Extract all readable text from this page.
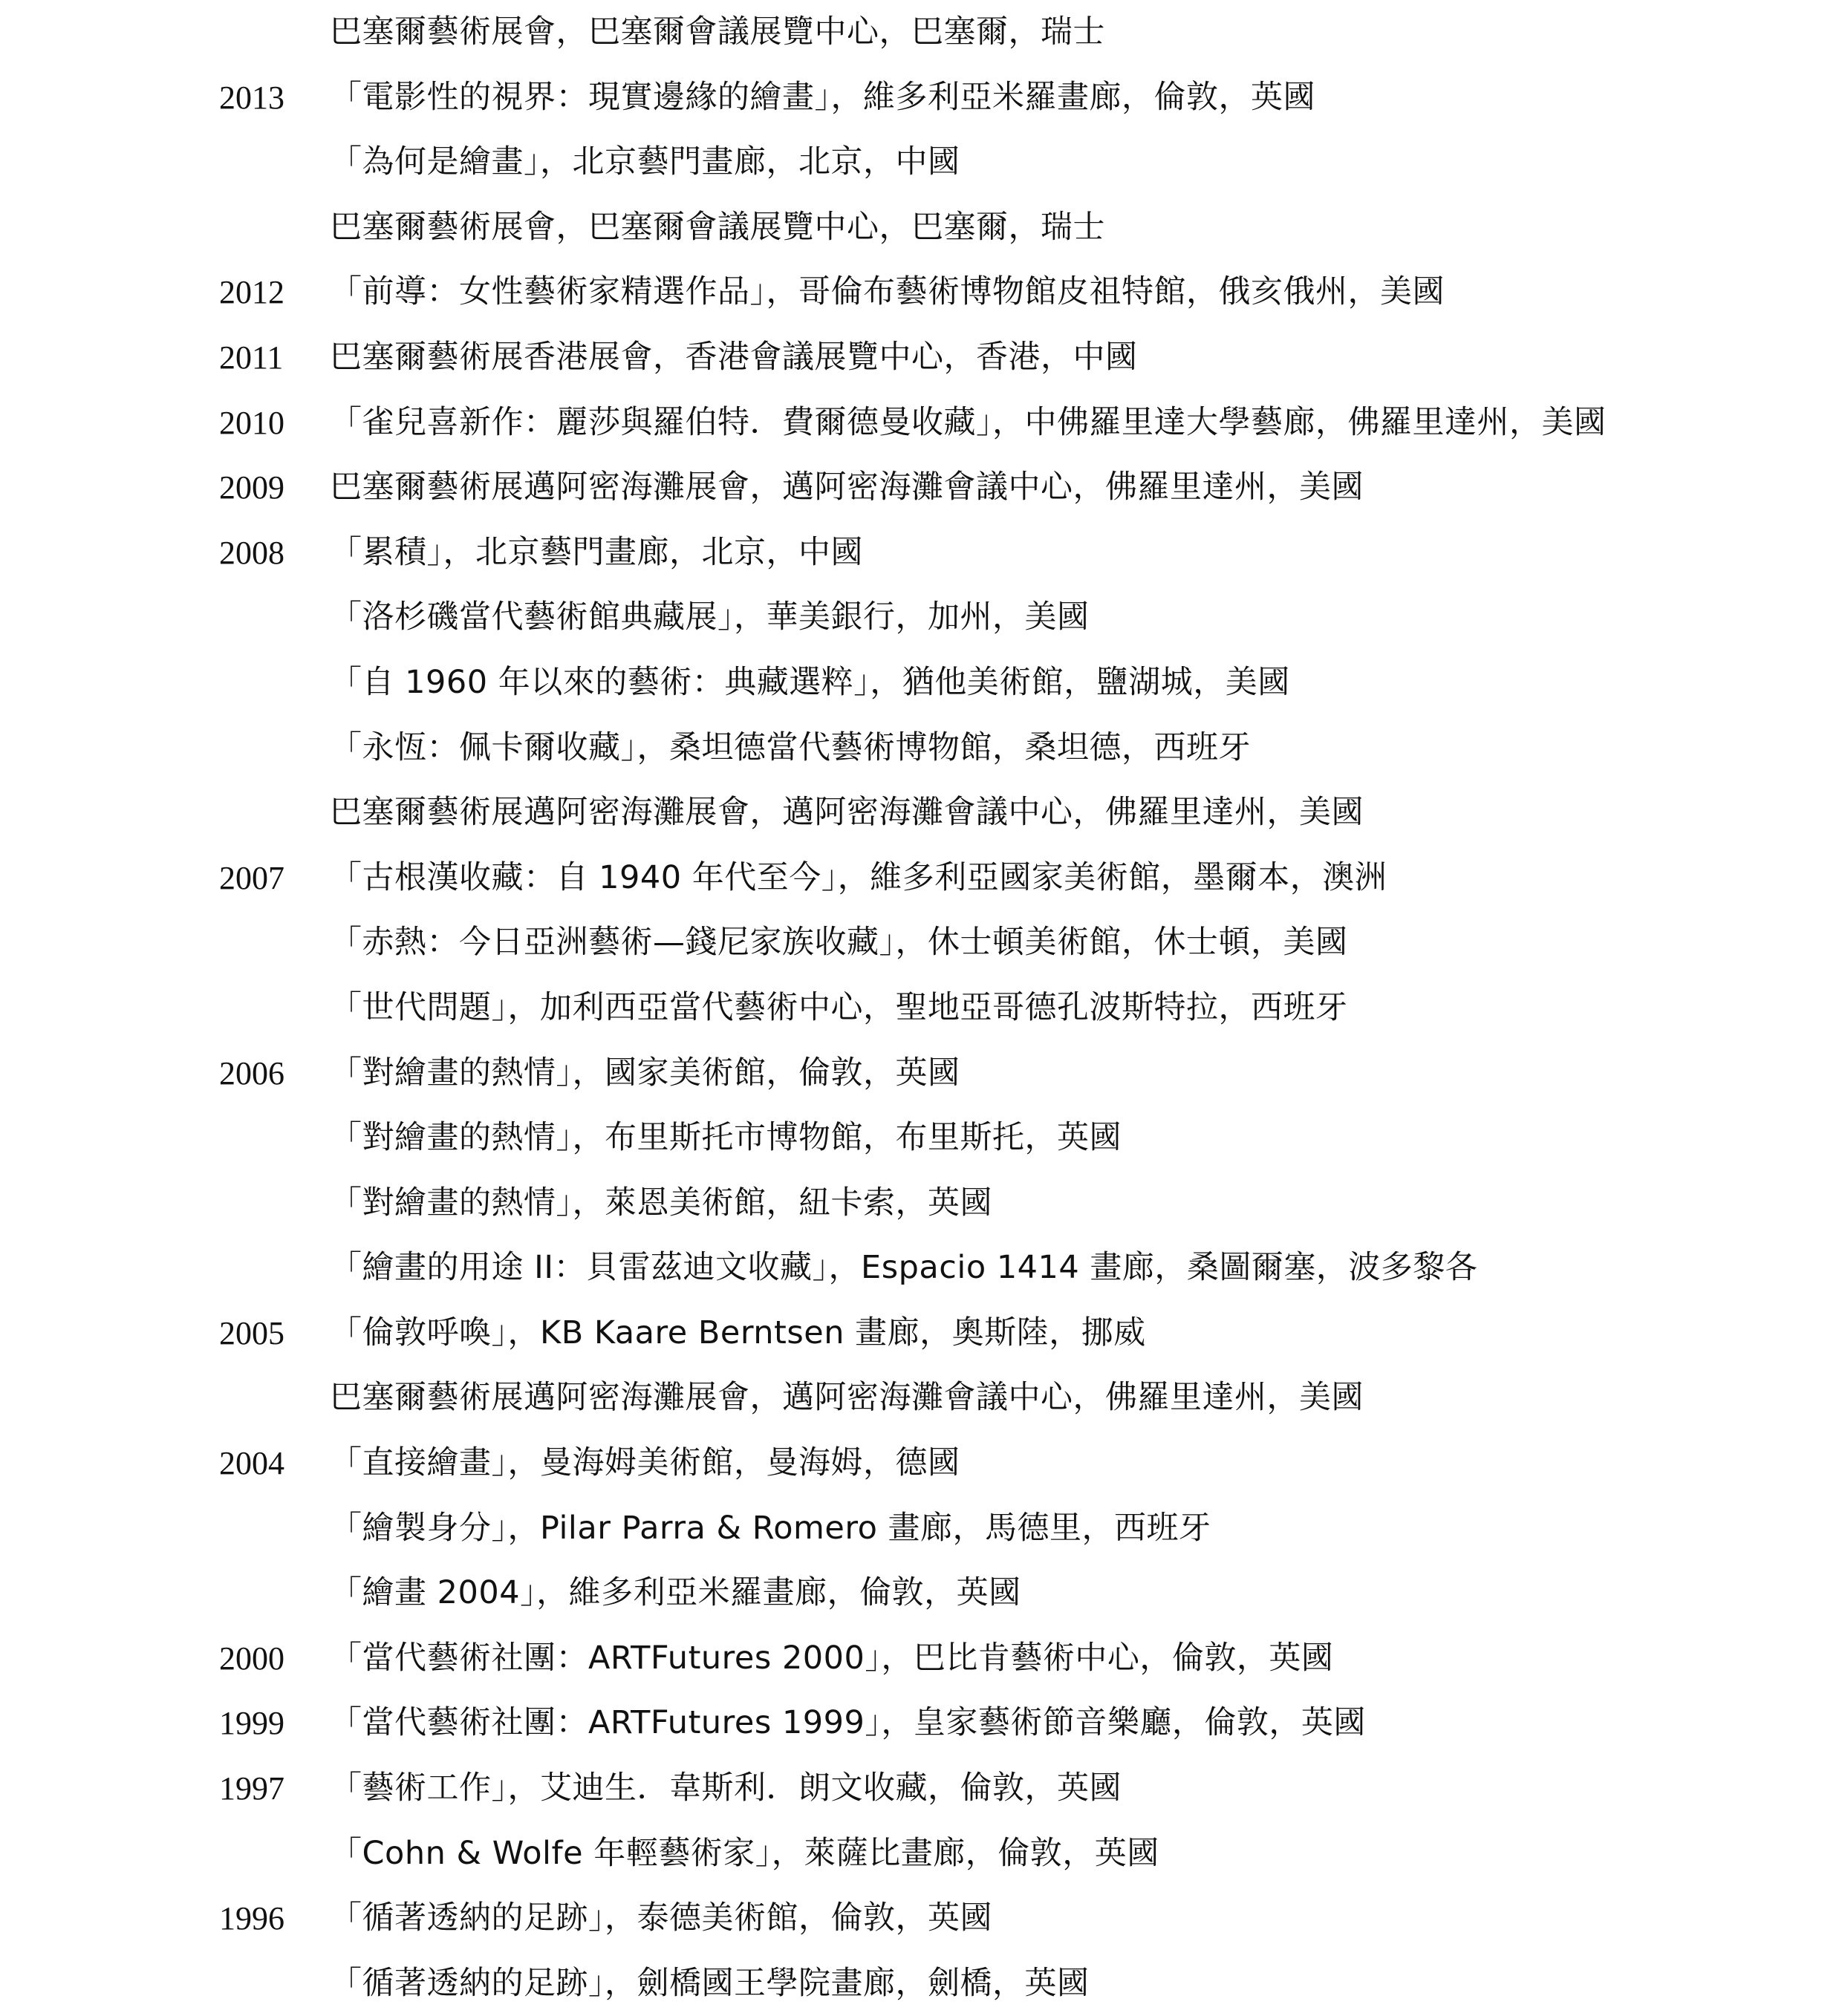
巴塞爾藝術展會，巴塞爾會議展覽中心，巴塞爾，瑞士
2013	「電影性的視界：現實邊緣的繪畫」，維多利亞米羅畫廊，倫敦，英國
「為何是繪畫」，北京藝門畫廊，北京，中國
巴塞爾藝術展會，巴塞爾會議展覽中心，巴塞爾，瑞士
2012	「前導：女性藝術家精選作品」，哥倫布藝術博物館皮祖特館，俄亥俄州，美國
2011	巴塞爾藝術展香港展會，香港會議展覽中心，香港，中國
2010	「雀兒喜新作：麗莎與羅伯特．費爾德曼收藏」，中佛羅里達大學藝廊，佛羅里達州，美國
2009	巴塞爾藝術展邁阿密海灘展會，邁阿密海灘會議中心，佛羅里達州，美國
2008	「累積」，北京藝門畫廊，北京，中國
「洛杉磯當代藝術館典藏展」，華美銀行，加州，美國
「自 1960 年以來的藝術：典藏選粹」，猶他美術館，鹽湖城，美國
「永恆：佩卡爾收藏」，桑坦德當代藝術博物館，桑坦德，西班牙
巴塞爾藝術展邁阿密海灘展會，邁阿密海灘會議中心，佛羅里達州，美國
2007	「古根漢收藏：自 1940 年代至今」，維多利亞國家美術館，墨爾本，澳洲
「赤熱：今日亞洲藝術—錢尼家族收藏」，休士頓美術館，休士頓，美國
「世代問題」，加利西亞當代藝術中心，聖地亞哥德孔波斯特拉，西班牙
2006	「對繪畫的熱情」，國家美術館，倫敦，英國
「對繪畫的熱情」，布里斯托市博物館，布里斯托，英國
「對繪畫的熱情」，萊恩美術館，紐卡索，英國
「繪畫的用途 II：貝雷茲迪文收藏」，Espacio 1414 畫廊，桑圖爾塞，波多黎各
2005	「倫敦呼喚」，KB Kaare Berntsen 畫廊，奧斯陸，挪威
巴塞爾藝術展邁阿密海灘展會，邁阿密海灘會議中心，佛羅里達州，美國
2004	「直接繪畫」，曼海姆美術館，曼海姆，德國
「繪製身分」，Pilar Parra & Romero 畫廊，馬德里，西班牙
「繪畫 2004」，維多利亞米羅畫廊，倫敦，英國
2000	「當代藝術社團：ARTFutures 2000」，巴比肯藝術中心，倫敦，英國
1999	「當代藝術社團：ARTFutures 1999」，皇家藝術節音樂廳，倫敦，英國
1997	「藝術工作」，艾迪生．韋斯利．朗文收藏，倫敦，英國
「Cohn & Wolfe 年輕藝術家」，萊薩比畫廊，倫敦，英國
1996	「循著透納的足跡」，泰德美術館，倫敦，英國
「循著透納的足跡」，劍橋國王學院畫廊，劍橋，英國
